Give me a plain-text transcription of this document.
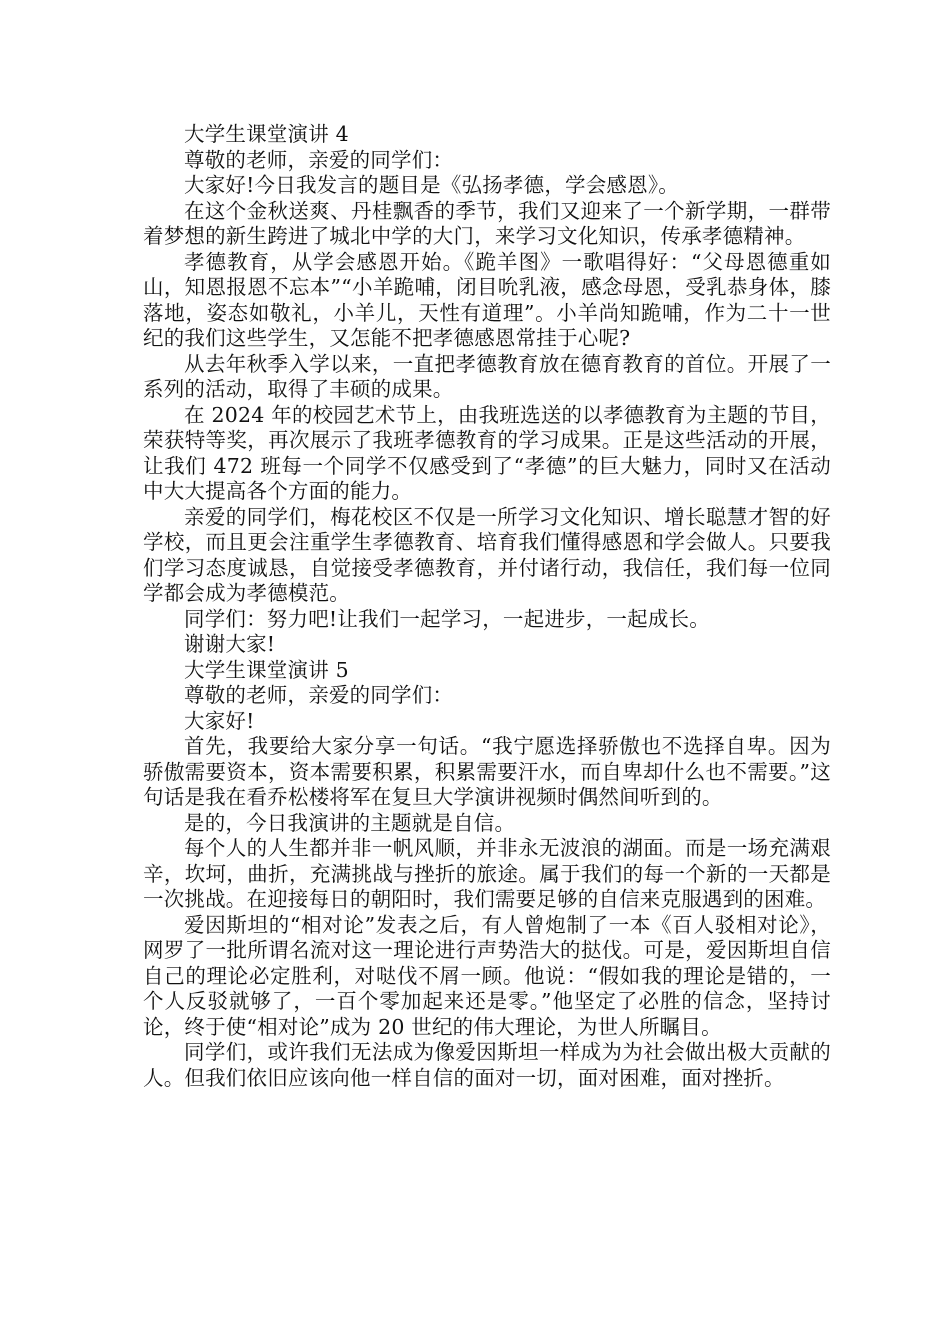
大学生课堂演讲 4

尊敬的老师，亲爱的同学们：

大家好!今日我发言的题目是《弘扬孝德，学会感恩》。

在这个金秋送爽、丹桂飘香的季节，我们又迎来了一个新学期，一群带着梦想的新生跨进了城北中学的大门，来学习文化知识，传承孝德精神。

孝德教育，从学会感恩开始。《跪羊图》一歌唱得好：“父母恩德重如山，知恩报恩不忘本”“小羊跪哺，闭目吮乳液，感念母恩，受乳恭身体，膝落地，姿态如敬礼，小羊儿，天性有道理”。小羊尚知跪哺，作为二十一世纪的我们这些学生，又怎能不把孝德感恩常挂于心呢?

从去年秋季入学以来，一直把孝德教育放在德育教育的首位。开展了一系列的活动，取得了丰硕的成果。

在 2024 年的校园艺术节上，由我班选送的以孝德教育为主题的节目，荣获特等奖，再次展示了我班孝德教育的学习成果。正是这些活动的开展，让我们 472 班每一个同学不仅感受到了“孝德”的巨大魅力，同时又在活动中大大提高各个方面的能力。

亲爱的同学们，梅花校区不仅是一所学习文化知识、增长聪慧才智的好学校，而且更会注重学生孝德教育、培育我们懂得感恩和学会做人。只要我们学习态度诚恳，自觉接受孝德教育，并付诸行动，我信任，我们每一位同学都会成为孝德模范。

同学们：努力吧!让我们一起学习，一起进步，一起成长。

谢谢大家!

大学生课堂演讲 5

尊敬的老师，亲爱的同学们：

大家好!

首先，我要给大家分享一句话。“我宁愿选择骄傲也不选择自卑。因为骄傲需要资本，资本需要积累，积累需要汗水，而自卑却什么也不需要。”这句话是我在看乔松楼将军在复旦大学演讲视频时偶然间听到的。

是的，今日我演讲的主题就是自信。

每个人的人生都并非一帆风顺，并非永无波浪的湖面。而是一场充满艰辛，坎坷，曲折，充满挑战与挫折的旅途。属于我们的每一个新的一天都是一次挑战。在迎接每日的朝阳时，我们需要足够的自信来克服遇到的困难。

爱因斯坦的“相对论”发表之后，有人曾炮制了一本《百人驳相对论》，网罗了一批所谓名流对这一理论进行声势浩大的挞伐。可是，爱因斯坦自信自己的理论必定胜利，对哒伐不屑一顾。他说：“假如我的理论是错的，一个人反驳就够了，一百个零加起来还是零。”他坚定了必胜的信念，坚持讨论，终于使“相对论”成为 20 世纪的伟大理论，为世人所瞩目。

同学们，或许我们无法成为像爱因斯坦一样成为为社会做出极大贡献的人。但我们依旧应该向他一样自信的面对一切，面对困难，面对挫折。
